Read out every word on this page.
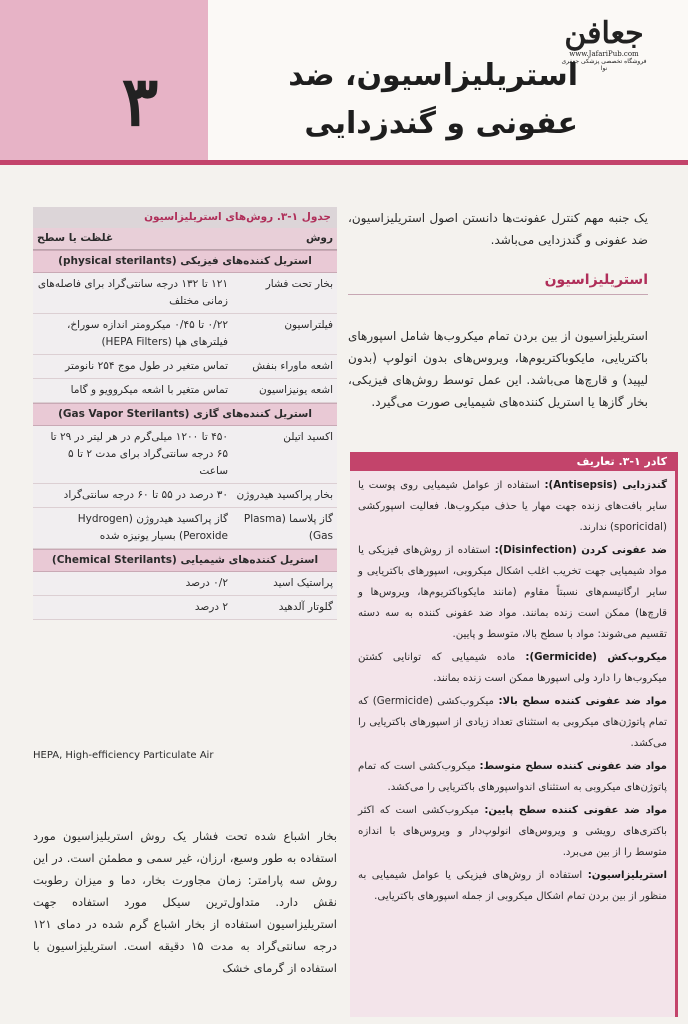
۳	استریلیزاسیون، ضد عفونی و گندزدایی
جعافن
www.JafariPub.com
فروشگاه تخصصی پزشکی جعفری نوا
جدول ۱-۳. روش‌های استریلیزاسیون
روش
غلظت یا سطح
استریل کننده‌های فیزیکی (physical sterilants)
بخار تحت فشار
۱۲۱ تا ۱۳۲ درجه سانتی‌گراد برای فاصله‌های زمانی مختلف
فیلتراسیون
۰/۲۲ تا ۰/۴۵ میکرومتر اندازه سوراخ، فیلترهای هپا (HEPA Filters)
اشعه ماوراء بنفش
تماس متغیر در طول موج ۲۵۴ نانومتر
اشعه یونیزاسیون
تماس متغیر با اشعه میکروویو و گاما
استریل کننده‌های گازی (Gas Vapor Sterilants)
اکسید اتیلن
۴۵۰ تا ۱۲۰۰ میلی‌گرم در هر لیتر در ۲۹ تا ۶۵ درجه سانتی‌گراد برای مدت ۲ تا ۵ ساعت
بخار پراکسید هیدروژن
۳۰ درصد در ۵۵ تا ۶۰ درجه سانتی‌گراد
گاز پلاسما (Plasma Gas)
گاز پراکسید هیدروژن (Hydrogen Peroxide) بسیار یونیزه شده
استریل کننده‌های شیمیایی (Chemical Sterilants)
پراستیک اسید
۰/۲ درصد
گلوتار آلدهید
۲ درصد
HEPA, High-efficiency Particulate Air
بخار اشباع شده تحت فشار یک روش استریلیزاسیون مورد استفاده به طور وسیع، ارزان، غیر سمی و مطمئن است. در این روش سه پارامتر: زمان مجاورت بخار، دما و میزان رطوبت نقش دارد. متداول‌ترین سیکل مورد استفاده جهت استریلیزاسیون استفاده از بخار اشباع گرم شده در دمای ۱۲۱ درجه سانتی‌گراد به مدت ۱۵ دقیقه است. استریلیزاسیون با استفاده از گرمای خشک
یک جنبه مهم کنترل عفونت‌ها دانستن اصول استریلیزاسیون، ضد عفونی و گندزدایی می‌باشد.
استریلیزاسیون
استریلیزاسیون از بین بردن تمام میکروب‌ها شامل اسپورهای باکتریایی، مایکوباکتریوم‌ها، ویروس‌های بدون انولوپ (بدون لیپید) و قارچ‌ها می‌باشد. این عمل توسط روش‌های فیزیکی، بخار گازها یا استریل کننده‌های شیمیایی صورت می‌گیرد.
کادر ۱-۳. تعاریف
گندزدایی (Antisepsis): استفاده از عوامل شیمیایی روی پوست یا سایر بافت‌های زنده جهت مهار یا حذف میکروب‌ها. فعالیت اسپورکشی (sporicidal) ندارند.
ضد عفونی کردن (Disinfection): استفاده از روش‌های فیزیکی یا مواد شیمیایی جهت تخریب اغلب اشکال میکروبی، اسپورهای باکتریایی و سایر ارگانیسم‌های نسبتاً مقاوم (مانند مایکوباکتریوم‌ها، ویروس‌ها و قارچ‌ها) ممکن است زنده بمانند. مواد ضد عفونی کننده به سه دسته تقسیم می‌شوند: مواد با سطح بالا، متوسط و پایین.
میکروب‌کش (Germicide): ماده شیمیایی که توانایی کشتن میکروب‌ها را دارد ولی اسپورها ممکن است زنده بمانند.
مواد ضد عفونی کننده سطح بالا: میکروب‌کشی (Germicide) که تمام پاتوژن‌های میکروبی به استثنای تعداد زیادی از اسپورهای باکتریایی را می‌کشد.
مواد ضد عفونی کننده سطح متوسط: میکروب‌کشی است که تمام پاتوژن‌های میکروبی به استثنای اندواسپورهای باکتریایی را می‌کشد.
مواد ضد عفونی کننده سطح پایین: میکروب‌کشی است که اکثر باکتری‌های رویشی و ویروس‌های انولوپ‌دار و ویروس‌های با اندازه متوسط را از بین می‌برد.
استریلیزاسیون: استفاده از روش‌های فیزیکی یا عوامل شیمیایی به منظور از بین بردن تمام اشکال میکروبی از جمله اسپورهای باکتریایی.
